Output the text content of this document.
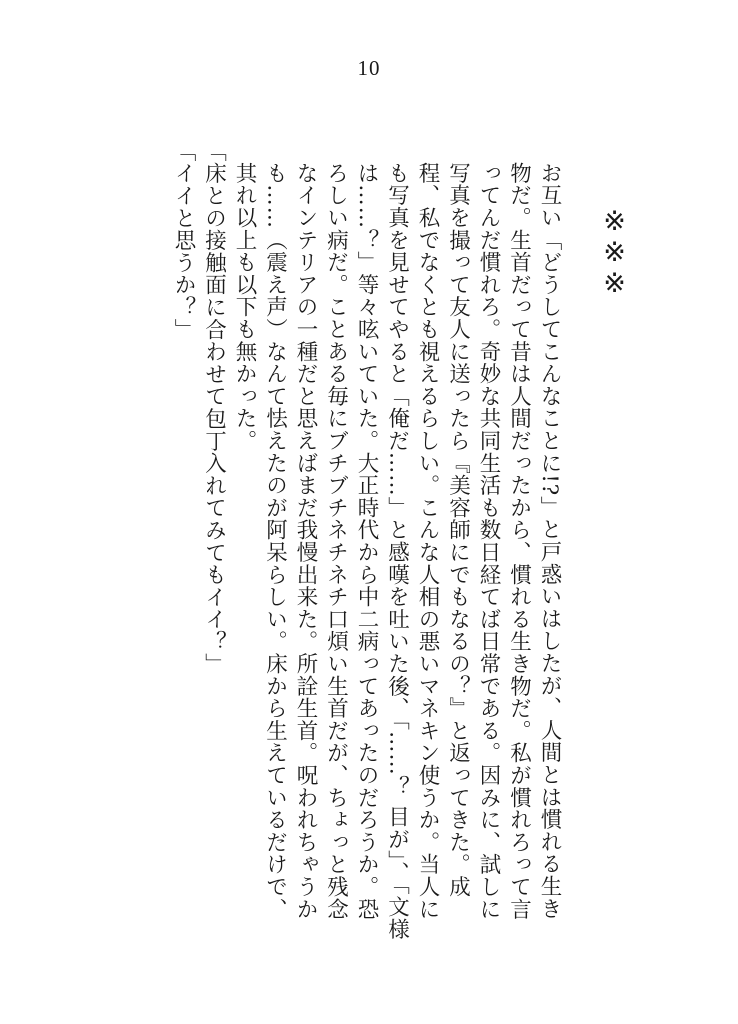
10
※※※

お互い「どうしてこんなことに!?」と戸惑いはしたが、人間とは慣れる生き物だ。生首だって昔は人間だったから、慣れる生き物だ。私が慣れろって言ってんだ慣れろ。奇妙な共同生活も数日経てば日常である。因みに、試しに写真を撮って友人に送ったら『美容師にでもなるの？』と返ってきた。成程、私でなくとも視えるらしい。こんな人相の悪いマネキン使うか。当人にも写真を見せてやると「俺だ……」と感嘆を吐いた後、「……？ 目が」、「文様は……？」等々呟いていた。大正時代から中二病ってあったのだろうか。恐ろしい病だ。ことある毎にブチブチネチネチ口煩い生首だが、ちょっと残念なインテリアの一種だと思えばまだ我慢出来た。所詮生首。呪われちゃうかも……（震え声）なんて怯えたのが阿呆らしい。床から生えているだけで、其れ以上も以下も無かった。

「床との接触面に合わせて包丁入れてみてもイイ？」

「イイと思うか？」
